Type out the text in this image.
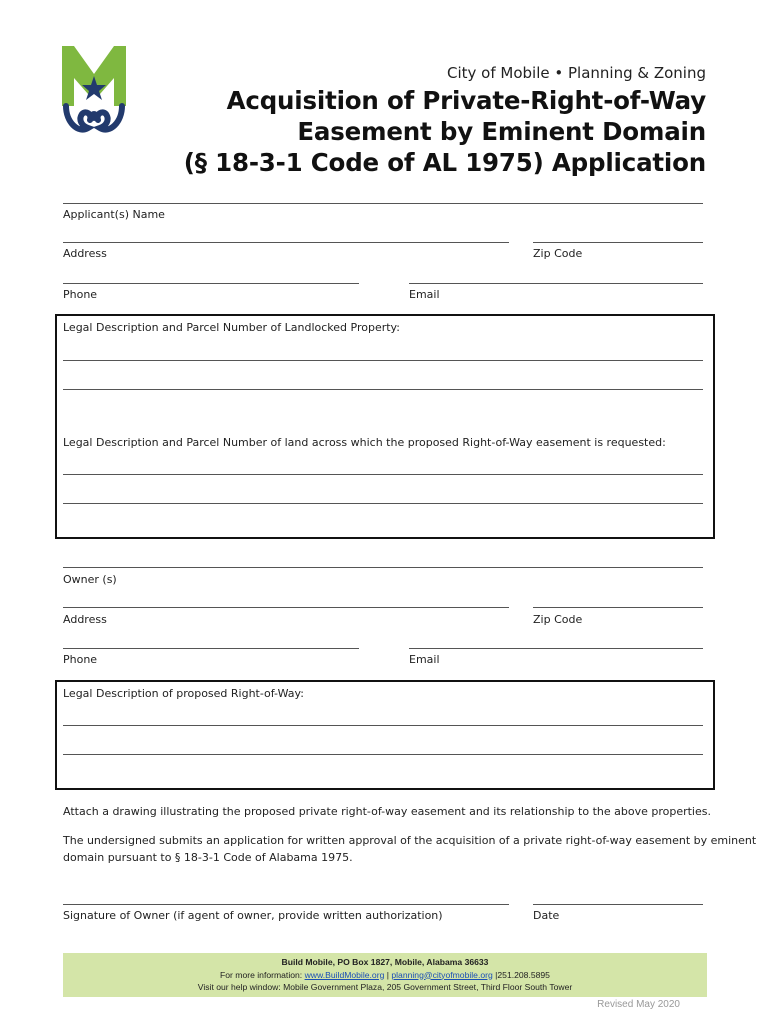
City of Mobile • Planning & Zoning
Acquisition of Private-Right-of-Way
Easement by Eminent Domain
(§ 18-3-1 Code of AL 1975) Application
Applicant(s) Name
Address	Zip Code
Phone	Email
Legal Description and Parcel Number of Landlocked Property:
Legal Description and Parcel Number of land across which the proposed Right-of-Way easement is requested:
Owner (s)
Address	Zip Code
Phone	Email
Legal Description of proposed Right-of-Way:
Attach a drawing illustrating the proposed private right-of-way easement and its relationship to the above properties.
The undersigned submits an application for written approval of the acquisition of a private right-of-way easement by eminent
domain pursuant to § 18-3-1 Code of Alabama 1975.
Signature of Owner (if agent of owner, provide written authorization)	Date
Build Mobile, PO Box 1827, Mobile, Alabama 36633
For more information: www.BuildMobile.org | planning@cityofmobile.org |251.208.5895
Visit our help window: Mobile Government Plaza, 205 Government Street, Third Floor South Tower
Revised May 2020
